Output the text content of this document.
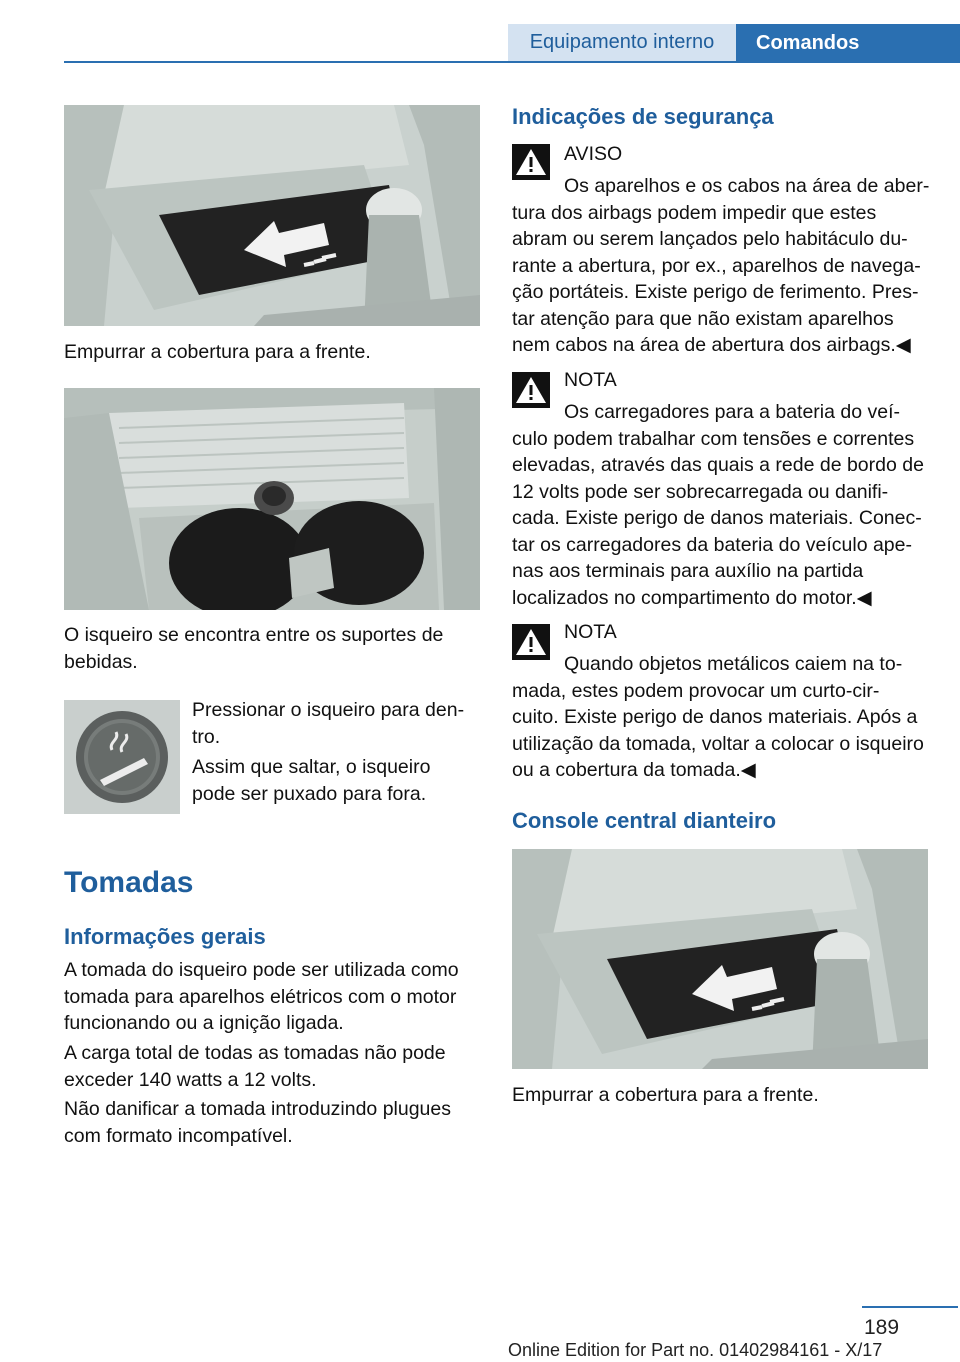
Equipamento interno	Comandos

Empurrar a cobertura para a frente.

O isqueiro se encontra entre os suportes de
bebidas.

Pressionar o isqueiro para den‐
tro.

Assim que saltar, o isqueiro
pode ser puxado para fora.

Tomadas
Informações gerais

A tomada do isqueiro pode ser utilizada como
tomada para aparelhos elétricos com o motor
funcionando ou a ignição ligada.

A carga total de todas as tomadas não pode
exceder 140 watts a 12 volts.

Não danificar a tomada introduzindo plugues
com formato incompatível.

Indicações de segurança
AVISO

Os aparelhos e os cabos na área de aber‐
tura dos airbags podem impedir que estes
abram ou serem lançados pelo habitáculo du‐
rante a abertura, por ex., aparelhos de navega‐
ção portáteis. Existe perigo de ferimento. Pres‐
tar atenção para que não existam aparelhos
nem cabos na área de abertura dos airbags.◀

NOTA

Os carregadores para a bateria do veí‐
culo podem trabalhar com tensões e correntes
elevadas, através das quais a rede de bordo de
12 volts pode ser sobrecarregada ou danifi‐
cada. Existe perigo de danos materiais. Conec‐
tar os carregadores da bateria do veículo ape‐
nas aos terminais para auxílio na partida
localizados no compartimento do motor.◀

NOTA

Quando objetos metálicos caiem na to‐
mada, estes podem provocar um curto-cir‐
cuito. Existe perigo de danos materiais. Após a
utilização da tomada, voltar a colocar o isqueiro
ou a cobertura da tomada.◀

Console central dianteiro

Empurrar a cobertura para a frente.

189
Online Edition for Part no. 01402984161 - X/17
